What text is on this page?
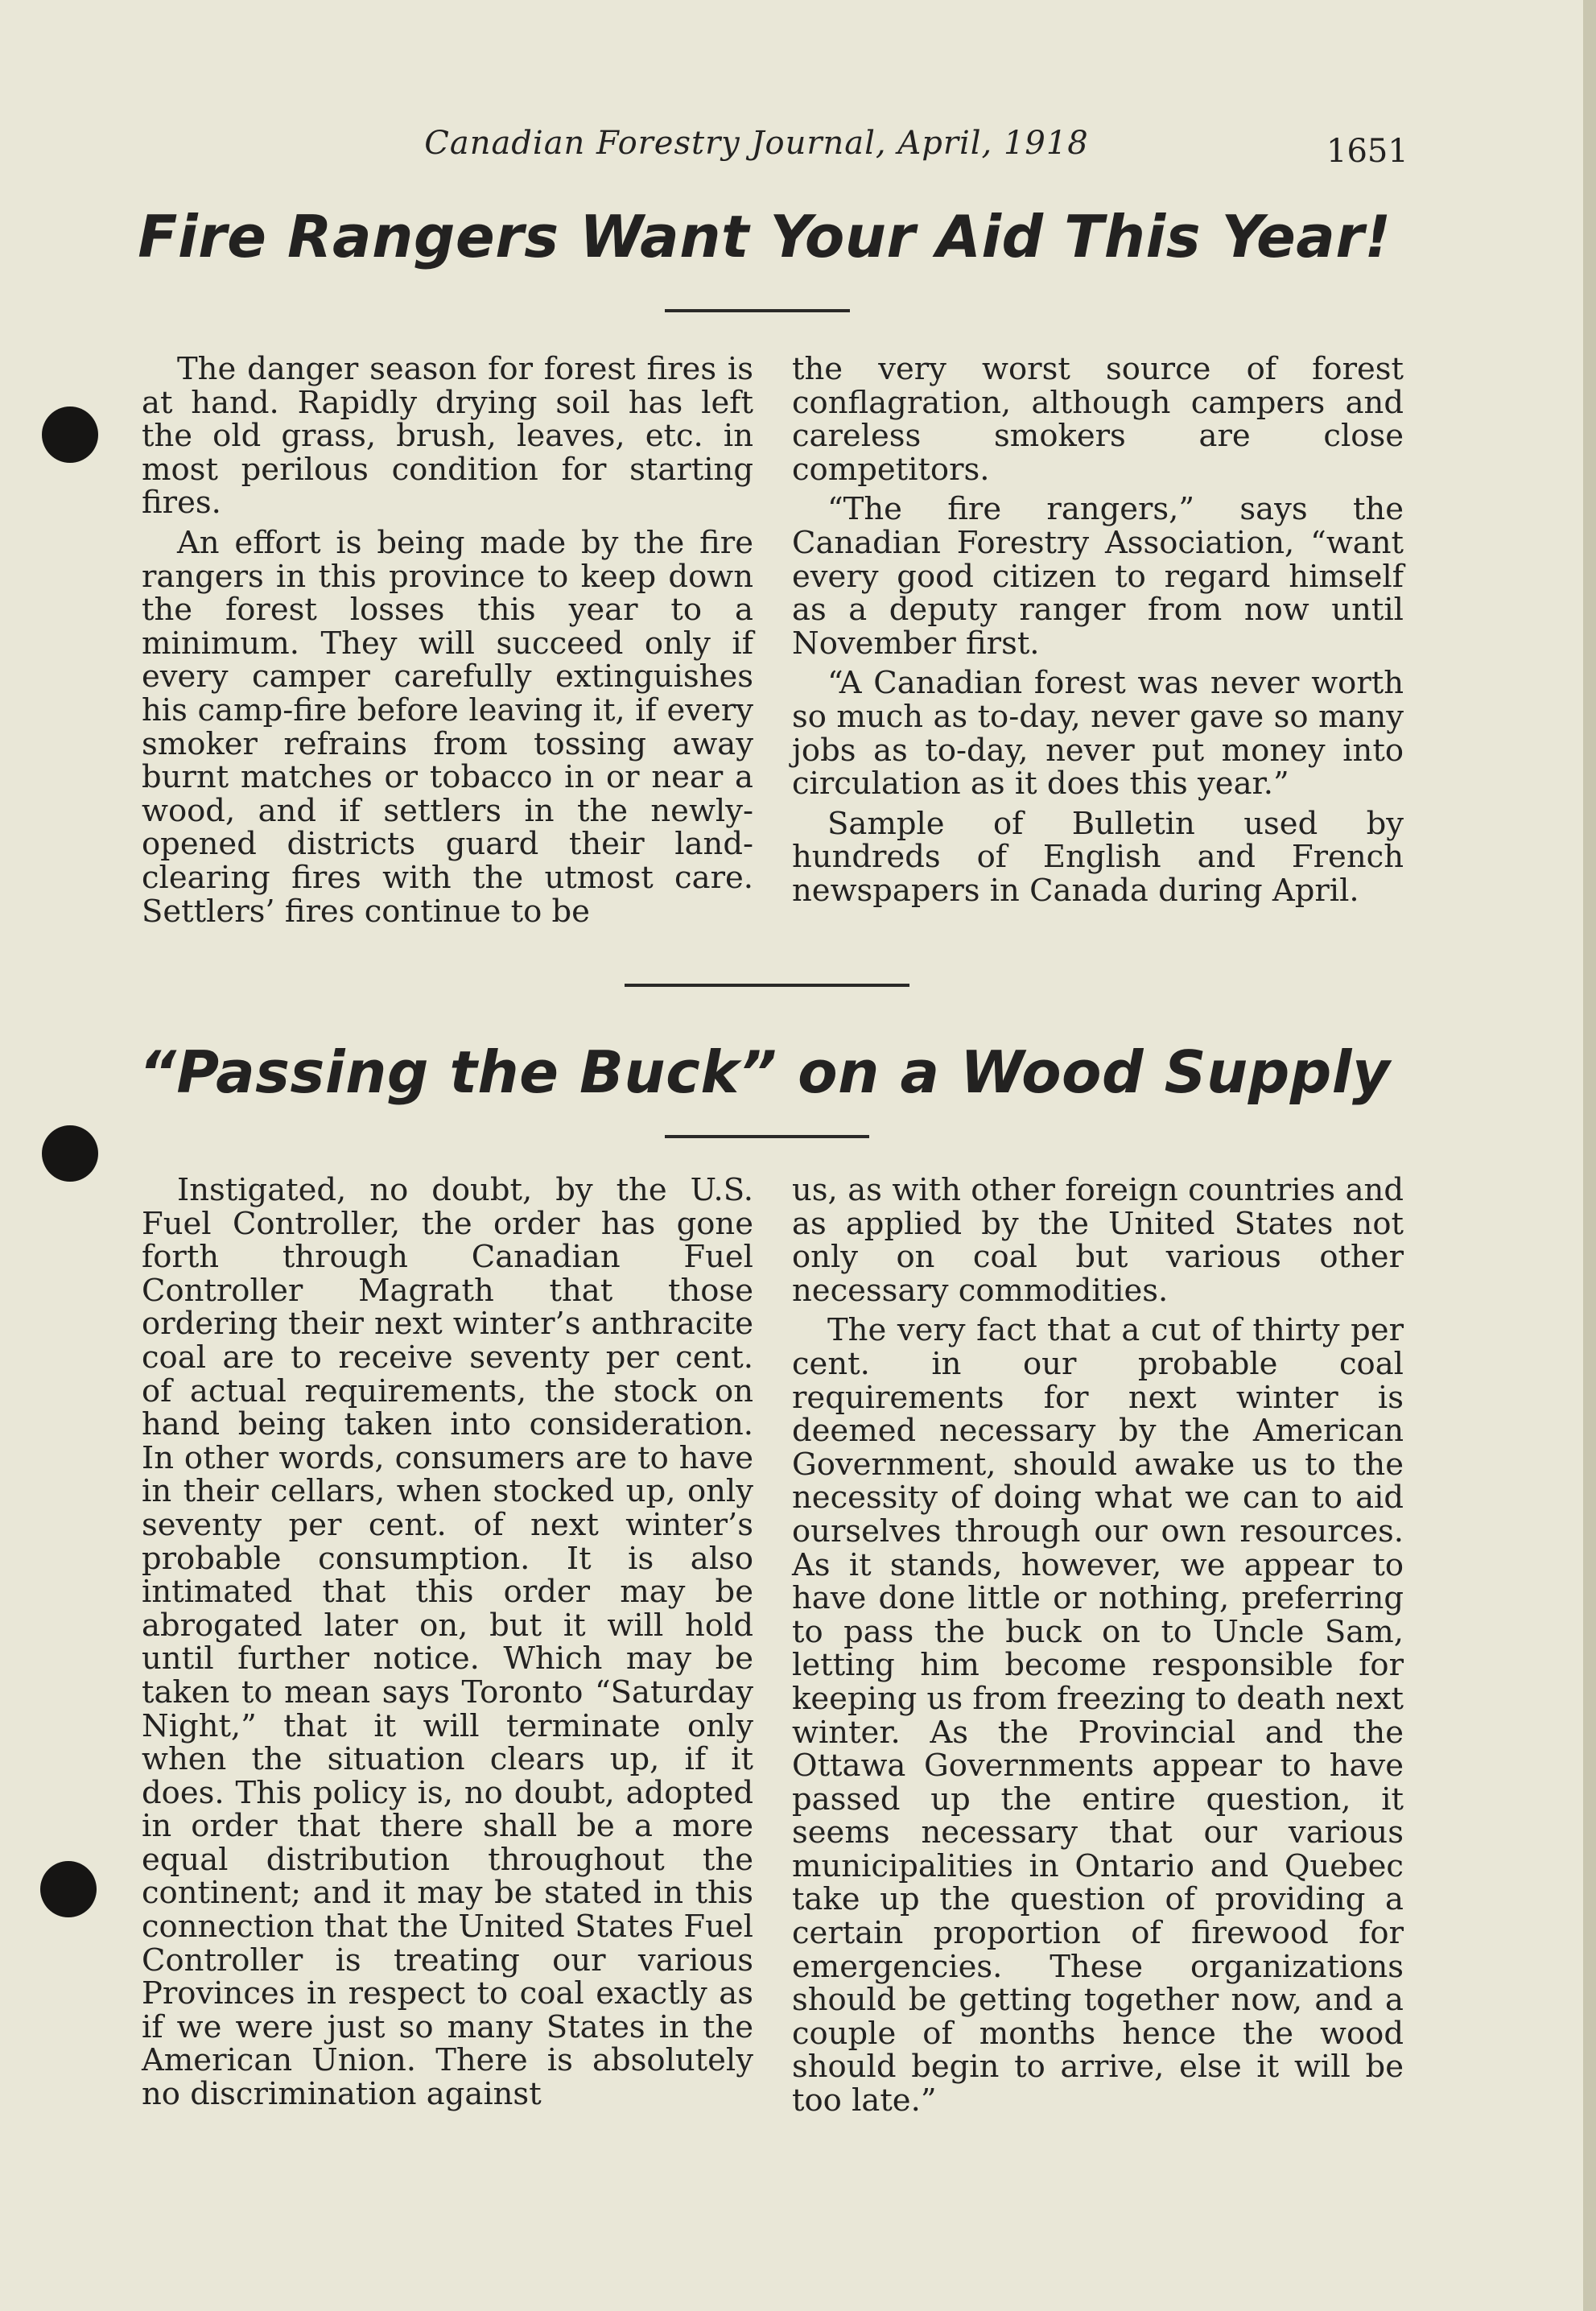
Canadian Forestry Journal, April, 1918	1651
Fire Rangers Want Your Aid This Year!

The danger season for forest fires is at hand. Rapidly drying soil has left the old grass, brush, leaves, etc. in most perilous condition for starting fires.

An effort is being made by the fire rangers in this province to keep down the forest losses this year to a minimum. They will succeed only if every camper carefully extinguishes his camp-fire before leaving it, if every smoker refrains from tossing away burnt matches or tobacco in or near a wood, and if settlers in the newly-opened districts guard their land-clearing fires with the utmost care. Settlers’ fires continue to be

the very worst source of forest conflagration, although campers and careless smokers are close competitors.

“The fire rangers,” says the Canadian Forestry Association, “want every good citizen to regard himself as a deputy ranger from now until November first.

“A Canadian forest was never worth so much as to-day, never gave so many jobs as to-day, never put money into circulation as it does this year.”

Sample of Bulletin used by hundreds of English and French newspapers in Canada during April.

“Passing the Buck” on a Wood Supply

Instigated, no doubt, by the U.S. Fuel Controller, the order has gone forth through Canadian Fuel Controller Magrath that those ordering their next winter’s anthracite coal are to receive seventy per cent. of actual requirements, the stock on hand being taken into consideration. In other words, consumers are to have in their cellars, when stocked up, only seventy per cent. of next winter’s probable consumption. It is also intimated that this order may be abrogated later on, but it will hold until further notice. Which may be taken to mean says Toronto “Saturday Night,” that it will terminate only when the situation clears up, if it does. This policy is, no doubt, adopted in order that there shall be a more equal distribution throughout the continent; and it may be stated in this connection that the United States Fuel Controller is treating our various Provinces in respect to coal exactly as if we were just so many States in the American Union. There is absolutely no discrimination against

us, as with other foreign countries and as applied by the United States not only on coal but various other necessary commodities.

The very fact that a cut of thirty per cent. in our probable coal requirements for next winter is deemed necessary by the American Government, should awake us to the necessity of doing what we can to aid ourselves through our own resources. As it stands, however, we appear to have done little or nothing, preferring to pass the buck on to Uncle Sam, letting him become responsible for keeping us from freezing to death next winter. As the Provincial and the Ottawa Governments appear to have passed up the entire question, it seems necessary that our various municipalities in Ontario and Quebec take up the question of providing a certain proportion of firewood for emergencies. These organizations should be getting together now, and a couple of months hence the wood should begin to arrive, else it will be too late.”
